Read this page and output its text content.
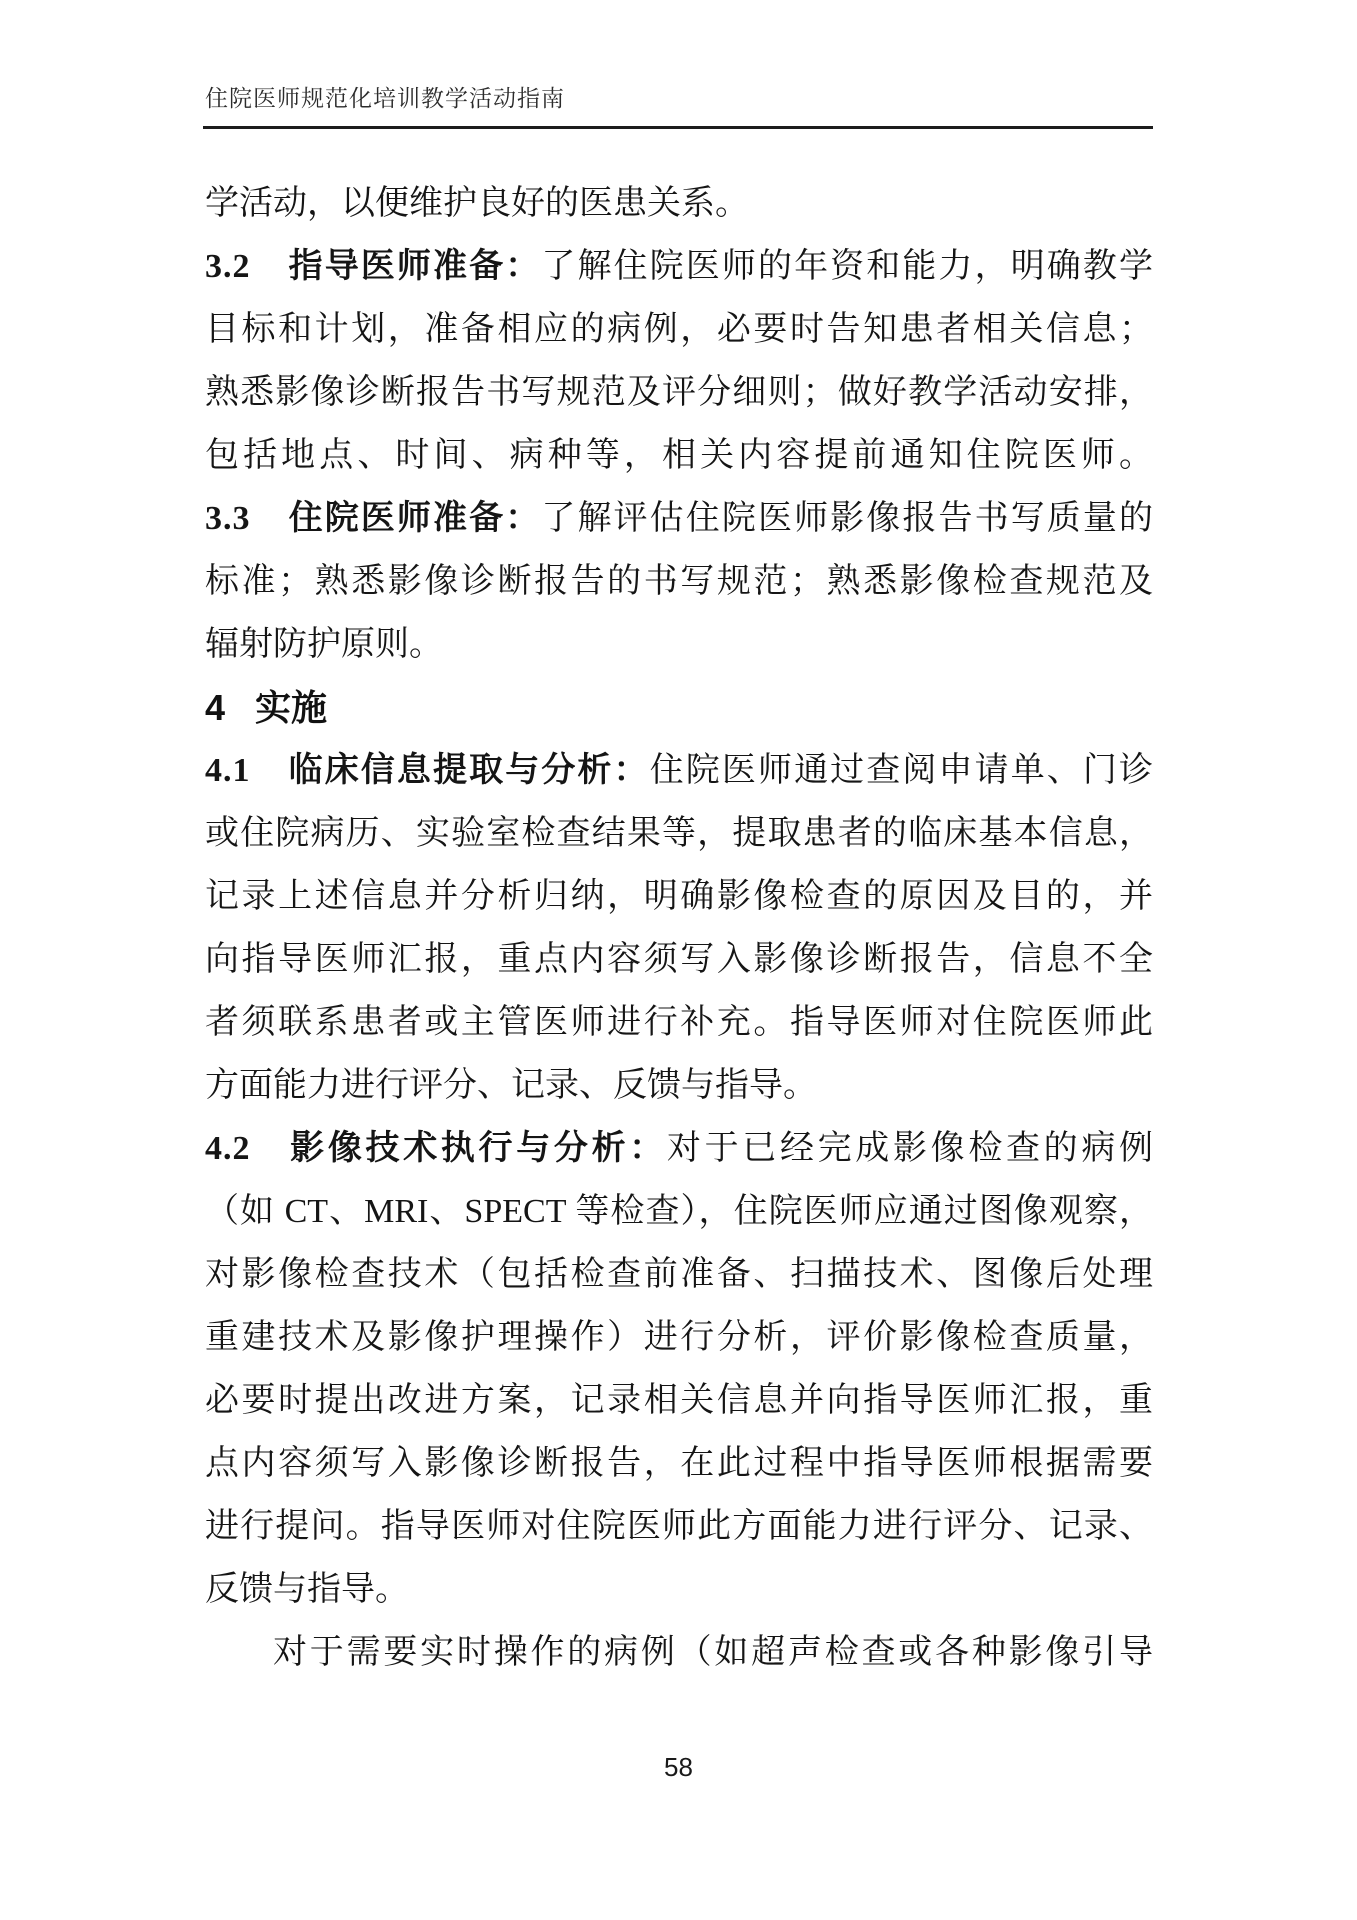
住院医师规范化培训教学活动指南
学活动，以便维护良好的医患关系。
3.2 指导医师准备：了解住院医师的年资和能力，明确教学
目标和计划，准备相应的病例，必要时告知患者相关信息；
熟悉影像诊断报告书写规范及评分细则；做好教学活动安排，
包括地点、时间、病种等，相关内容提前通知住院医师。
3.3 住院医师准备：了解评估住院医师影像报告书写质量的
标准；熟悉影像诊断报告的书写规范；熟悉影像检查规范及
辐射防护原则。
4 实施
4.1 临床信息提取与分析：住院医师通过查阅申请单、门诊
或住院病历、实验室检查结果等，提取患者的临床基本信息，
记录上述信息并分析归纳，明确影像检查的原因及目的，并
向指导医师汇报，重点内容须写入影像诊断报告，信息不全
者须联系患者或主管医师进行补充。指导医师对住院医师此
方面能力进行评分、记录、反馈与指导。
4.2 影像技术执行与分析：对于已经完成影像检查的病例
（如 CT、MRI、SPECT 等检查），住院医师应通过图像观察，
对影像检查技术（包括检查前准备、扫描技术、图像后处理
重建技术及影像护理操作）进行分析，评价影像检查质量，
必要时提出改进方案，记录相关信息并向指导医师汇报，重
点内容须写入影像诊断报告，在此过程中指导医师根据需要
进行提问。指导医师对住院医师此方面能力进行评分、记录、
反馈与指导。
对于需要实时操作的病例（如超声检查或各种影像引导
58
